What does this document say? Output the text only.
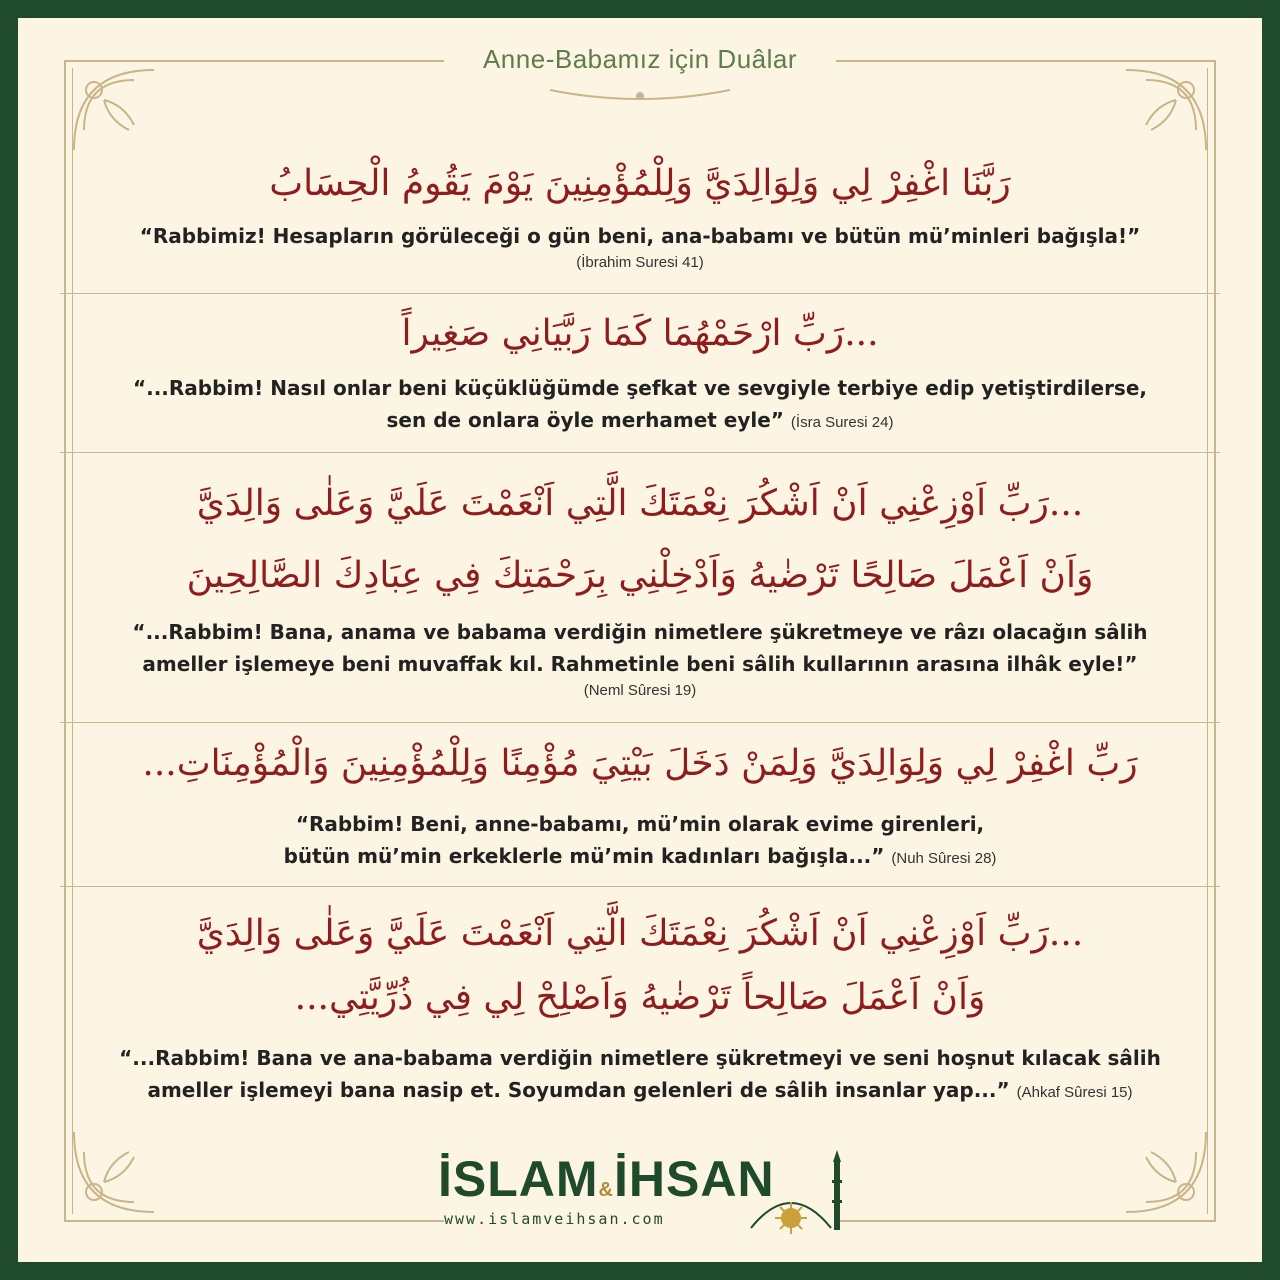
Anne-Babamız için Duâlar
رَبَّنَا اغْفِرْ لِي وَلِوَالِدَيَّ وَلِلْمُؤْمِنِينَ يَوْمَ يَقُومُ الْحِسَابُ
“Rabbimiz! Hesapların görüleceği o gün beni, ana-babamı ve bütün mü’minleri bağışla!”
(İbrahim Suresi 41)
...رَبِّ ارْحَمْهُمَا كَمَا رَبَّيَانِي صَغِيراً
“...Rabbim! Nasıl onlar beni küçüklüğümde şefkat ve sevgiyle terbiye edip yetiştirdilerse,
sen de onlara öyle merhamet eyle” (İsra Suresi 24)
...رَبِّ اَوْزِعْنِي اَنْ اَشْكُرَ نِعْمَتَكَ الَّتِي اَنْعَمْتَ عَلَيَّ وَعَلٰى وَالِدَيَّ
وَاَنْ اَعْمَلَ صَالِحًا تَرْضٰيهُ وَاَدْخِلْنِي بِرَحْمَتِكَ فِي عِبَادِكَ الصَّالِحِينَ
“...Rabbim! Bana, anama ve babama verdiğin nimetlere şükretmeye ve râzı olacağın sâlih
ameller işlemeye beni muvaffak kıl. Rahmetinle beni sâlih kullarının arasına ilhâk eyle!”
(Neml Sûresi 19)
رَبِّ اغْفِرْ لِي وَلِوَالِدَيَّ وَلِمَنْ دَخَلَ بَيْتِيَ مُؤْمِنًا وَلِلْمُؤْمِنِينَ وَالْمُؤْمِنَاتِ...
“Rabbim! Beni, anne-babamı, mü’min olarak evime girenleri,
bütün mü’min erkeklerle mü’min kadınları bağışla...” (Nuh Sûresi 28)
...رَبِّ اَوْزِعْنِي اَنْ اَشْكُرَ نِعْمَتَكَ الَّتِي اَنْعَمْتَ عَلَيَّ وَعَلٰى وَالِدَيَّ
وَاَنْ اَعْمَلَ صَالِحاً تَرْضٰيهُ وَاَصْلِحْ لِي فِي ذُرِّيَّتِي...
“...Rabbim! Bana ve ana-babama verdiğin nimetlere şükretmeyi ve seni hoşnut kılacak sâlih
ameller işlemeyi bana nasip et. Soyumdan gelenleri de sâlih insanlar yap...” (Ahkaf Sûresi 15)
İSLAM&İHSAN
www.islamveihsan.com
